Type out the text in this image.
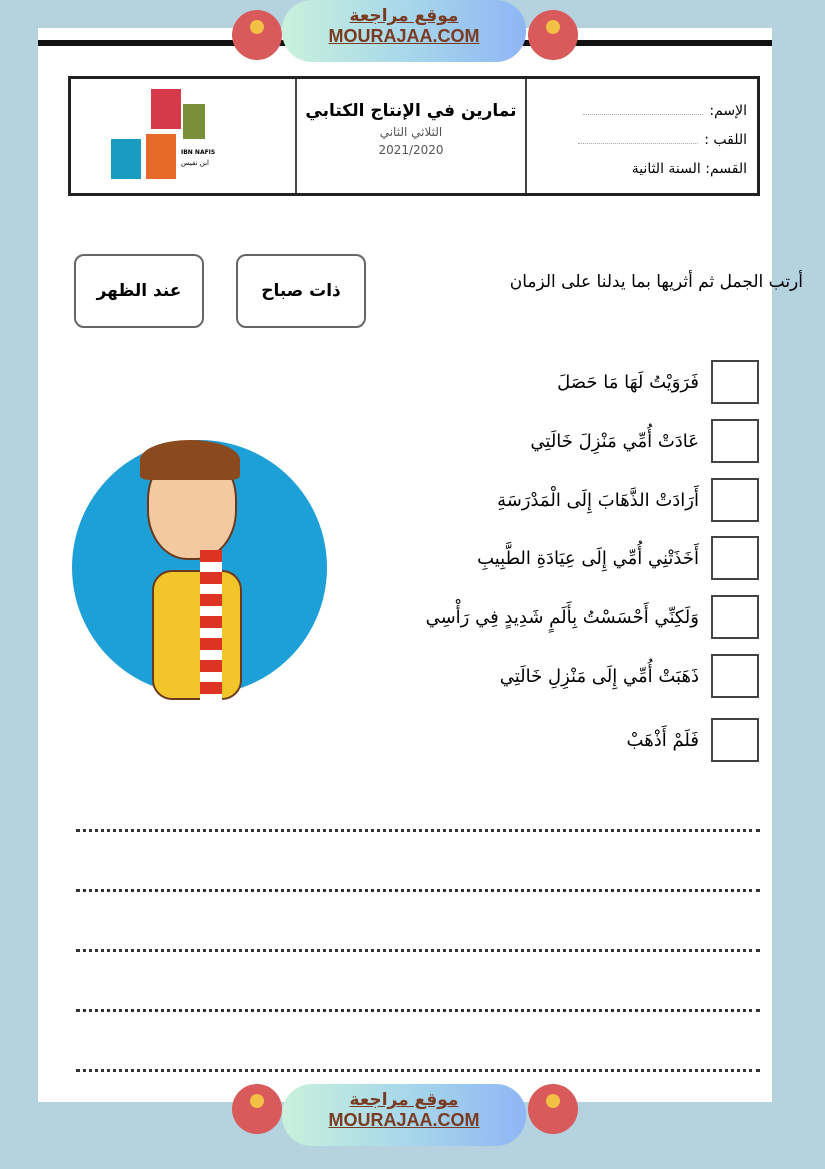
موقع مراجعة
MOURAJAA.COM
موقع مراجعة
MOURAJAA.COM
الإسم:
اللقب :
القسم: السنة الثانية
تمارين في الإنتاج الكتابي
الثلاثي الثاني
2021/2020
IBN NAFIS
ابن نفيس
أرتب الجمل ثم أثريها بما يدلنا على الزمان
ذات صباح
عند الظهر
فَرَوَيْتُ لَهَا مَا حَصَلَ
عَادَتْ أُمِّي مَنْزِلَ خَالَتِي
أَرَادَتْ الذَّهَابَ إِلَى الْمَدْرَسَةِ
أَخَذَتْنِي أُمِّي إِلَى عِيَادَةِ الطَّبِيبِ
وَلَكِنِّي أَحْسَسْتُ بِأَلَمٍ شَدِيدٍ فِي رَأْسِي
ذَهَبَتْ أُمِّي إِلَى مَنْزِلِ خَالَتِي
فَلَمْ أَذْهَبْ
